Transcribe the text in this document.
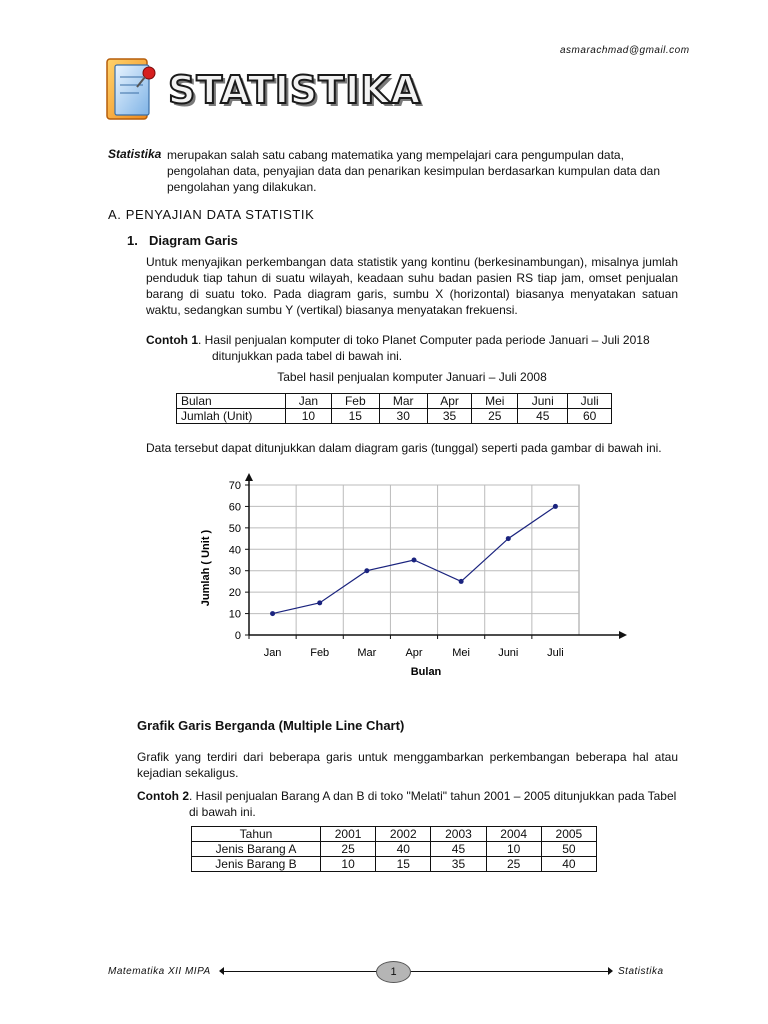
asmarachmad@gmail.com
STATISTIKA
Statistika merupakan salah satu cabang matematika yang mempelajari cara pengumpulan data, pengolahan data, penyajian data dan penarikan kesimpulan berdasarkan kumpulan data dan pengolahan yang dilakukan.
A. PENYAJIAN DATA STATISTIK
1. Diagram Garis
Untuk menyajikan perkembangan data statistik yang kontinu (berkesinambungan), misalnya jumlah penduduk tiap tahun di suatu wilayah, keadaan suhu badan pasien RS tiap jam, omset penjualan barang di suatu toko. Pada diagram garis, sumbu X (horizontal) biasanya menyatakan satuan waktu, sedangkan sumbu Y (vertikal) biasanya menyatakan frekuensi.
Contoh 1. Hasil penjualan komputer di toko Planet Computer pada periode Januari – Juli 2018
ditunjukkan pada tabel di bawah ini.
Tabel hasil penjualan komputer Januari – Juli 2008
Bulan	Jan	Feb	Mar	Apr	Mei	Juni	Juli
Jumlah (Unit)	10	15	30	35	25	45	60
Data tersebut dapat ditunjukkan dalam diagram garis (tunggal) seperti pada gambar di bawah ini.
0
10
20
30
40
50
60
70
Jan	Feb	Mar	Apr	Mei	Juni	Juli
Bulan
Jumlah ( Unit )
Grafik Garis Berganda (Multiple Line Chart)
Grafik yang terdiri dari beberapa garis untuk menggambarkan perkembangan beberapa hal atau kejadian sekaligus.
Contoh 2. Hasil penjualan Barang A dan B di toko "Melati" tahun 2001 – 2005 ditunjukkan pada Tabel
di bawah ini.
Tahun	2001	2002	2003	2004	2005
Jenis Barang A	25	40	45	10	50
Jenis Barang B	10	15	35	25	40
Matematika XII MIPA	1	Statistika
